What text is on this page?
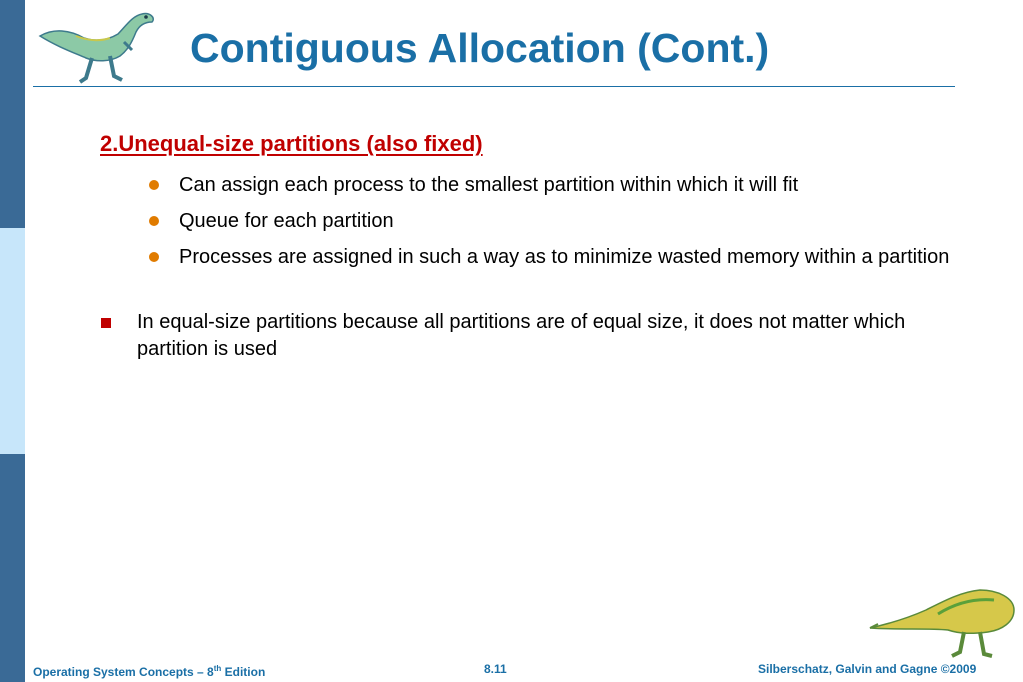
Contiguous Allocation (Cont.)
2.Unequal-size partitions (also fixed)
Can assign each process to the smallest partition within which it will fit
Queue for each partition
Processes are assigned in such a way as to minimize wasted memory within a partition
In equal-size partitions because all partitions are of equal size, it does not matter which partition is used
Operating System Concepts – 8th Edition	8.11	Silberschatz, Galvin and Gagne ©2009
